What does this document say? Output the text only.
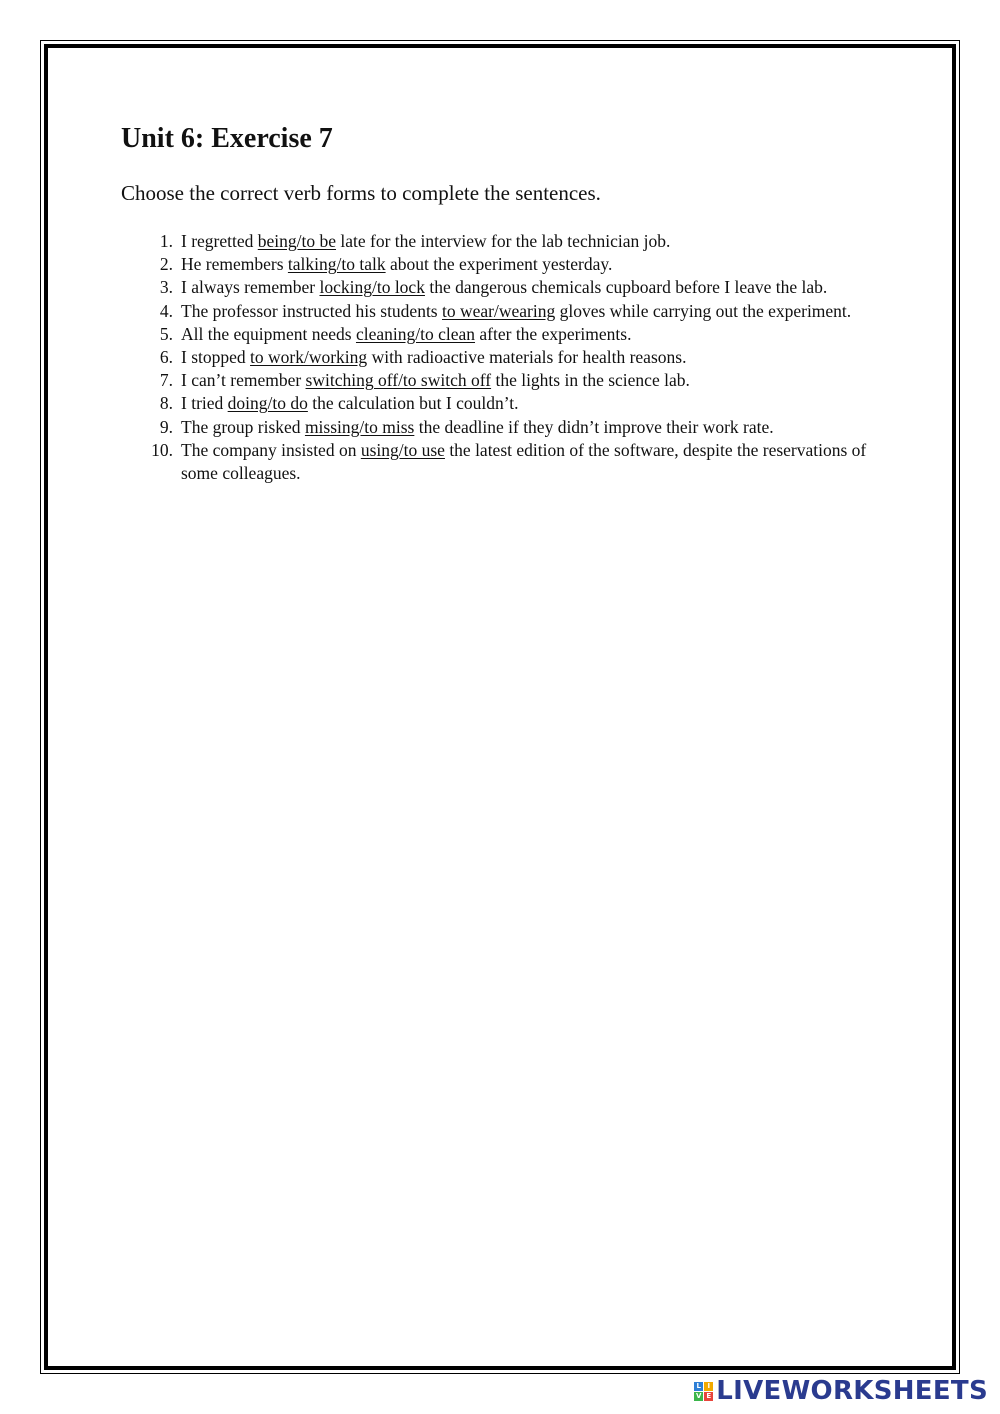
Unit 6: Exercise 7

Choose the correct verb forms to complete the sentences.

1. I regretted being/to be late for the interview for the lab technician job.
2. He remembers talking/to talk about the experiment yesterday.
3. I always remember locking/to lock the dangerous chemicals cupboard before I leave the lab.
4. The professor instructed his students to wear/wearing gloves while carrying out the experiment.
5. All the equipment needs cleaning/to clean after the experiments.
6. I stopped to work/working with radioactive materials for health reasons.
7. I can’t remember switching off/to switch off the lights in the science lab.
8. I tried doing/to do the calculation but I couldn’t.
9. The group risked missing/to miss the deadline if they didn’t improve their work rate.
10. The company insisted on using/to use the latest edition of the software, despite the reservations of some colleagues.
L I
V E LIVEWORKSHEETS
